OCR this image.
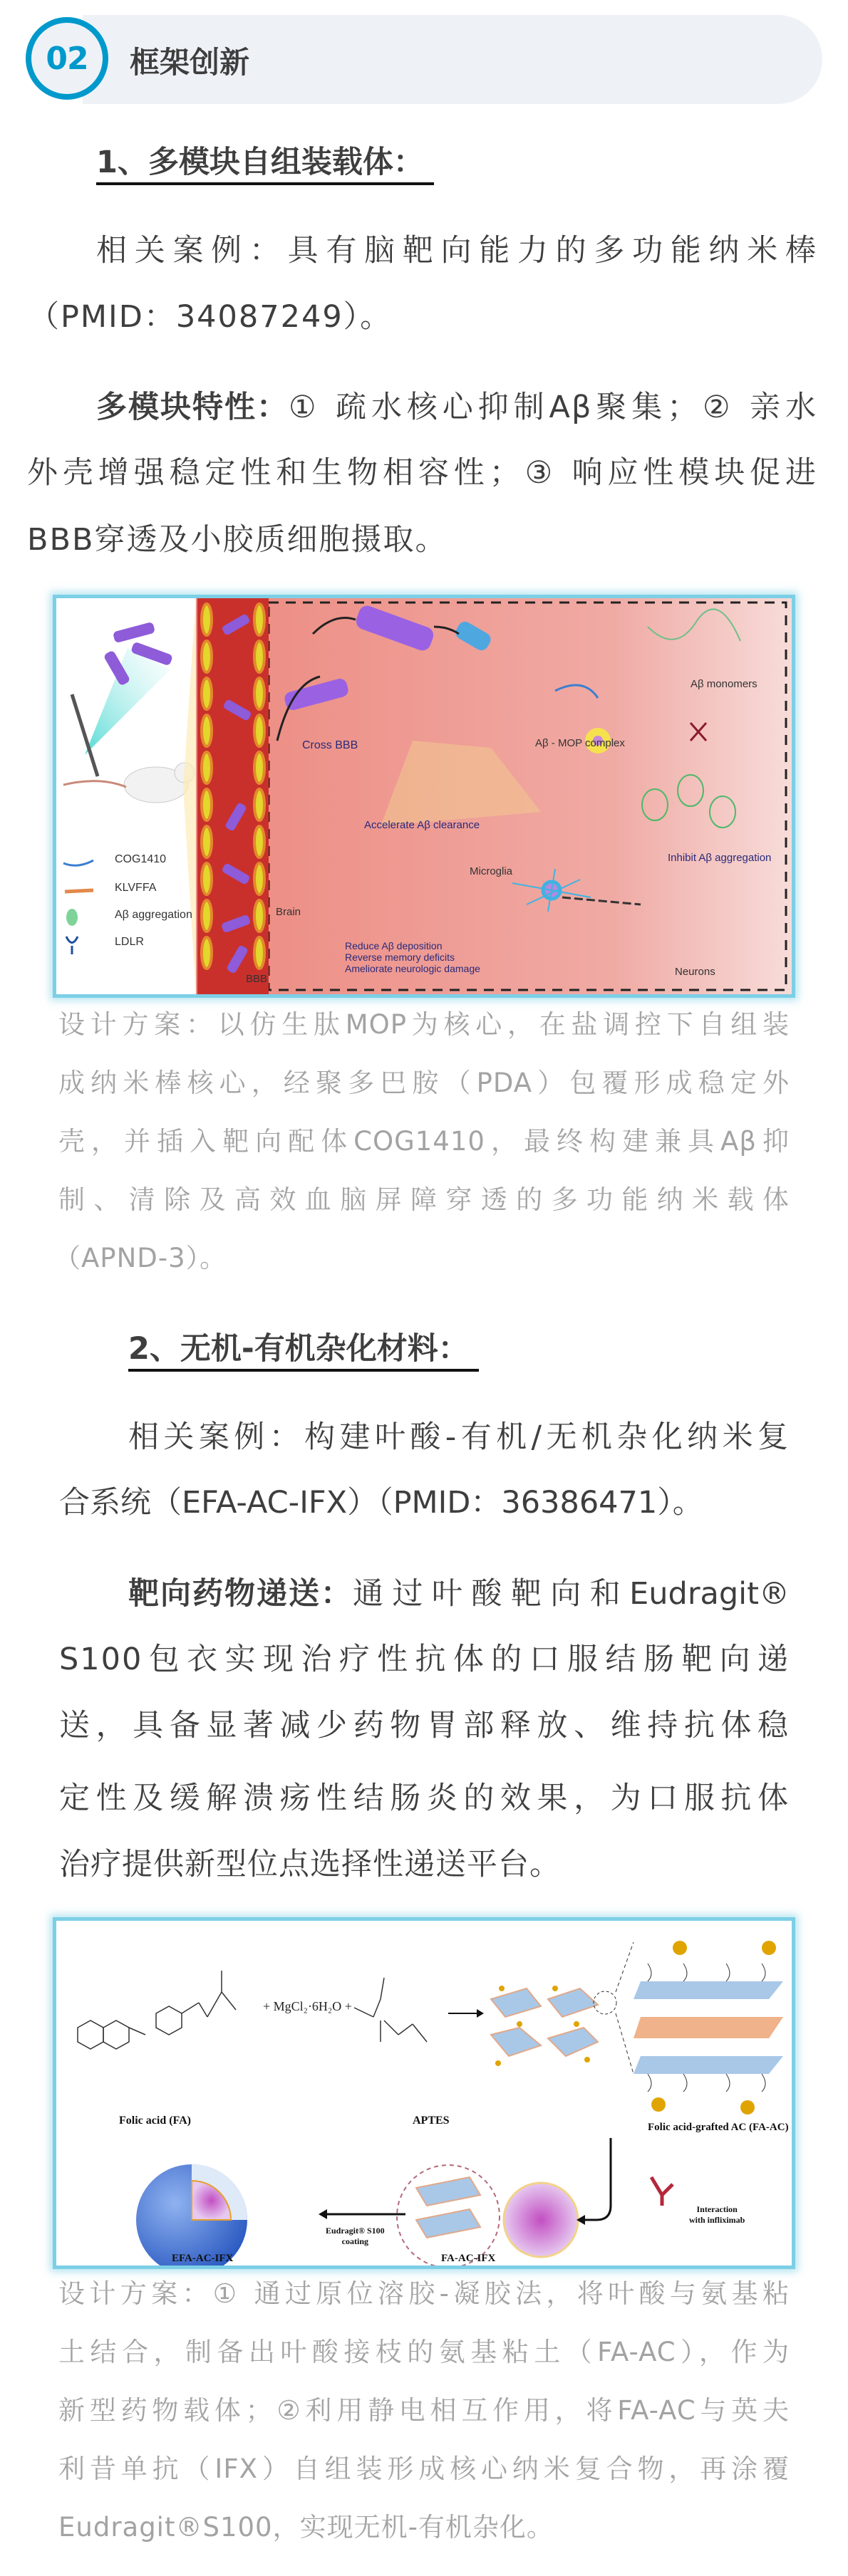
02 框架创新
1、多模块自组装载体：
相关案例：具有脑靶向能力的多功能纳米棒
（PMID：34087249）。
多模块特性： ① 疏水核心抑制Aβ聚集；② 亲水
外壳增强稳定性和生物相容性；③ 响应性模块促进
BBB穿透及小胶质细胞摄取。
COG1410
KLVFFA
Aβ aggregation
LDLR
Cross BBB
Brain
BBB
Aβ - MOP complex
Aβ monomers
Accelerate Aβ clearance
Microglia
Inhibit Aβ aggregation
Neurons
Reduce Aβ deposition
Reverse memory deficits
Ameliorate neurologic damage
设计方案：以仿生肽MOP为核心，在盐调控下自组装
成纳米棒核心，经聚多巴胺（PDA）包覆形成稳定外
壳，并插入靶向配体COG1410，最终构建兼具Aβ抑
制、清除及高效血脑屏障穿透的多功能纳米载体
（APND-3）。
2、无机-有机杂化材料：
相关案例：构建叶酸-有机/无机杂化纳米复
合系统（EFA-AC-IFX）（PMID：36386471）。
靶向药物递送： 通过叶酸靶向和Eudragit®
S100包衣实现治疗性抗体的口服结肠靶向递
送，具备显著减少药物胃部释放、维持抗体稳
定性及缓解溃疡性结肠炎的效果，为口服抗体
治疗提供新型位点选择性递送平台。
Folic acid (FA)
+ MgCl₂·6H₂O +
APTES
Folic acid-grafted AC (FA-AC)
Interaction
with infliximab
Eudragit® S100
coating
EFA-AC-IFX	FA-AC-IFX
设计方案：① 通过原位溶胶-凝胶法，将叶酸与氨基粘
土结合，制备出叶酸接枝的氨基粘土（FA-AC），作为
新型药物载体；②利用静电相互作用，将FA-AC与英夫
利昔单抗（IFX）自组装形成核心纳米复合物，再涂覆
Eudragit®S100，实现无机-有机杂化。
